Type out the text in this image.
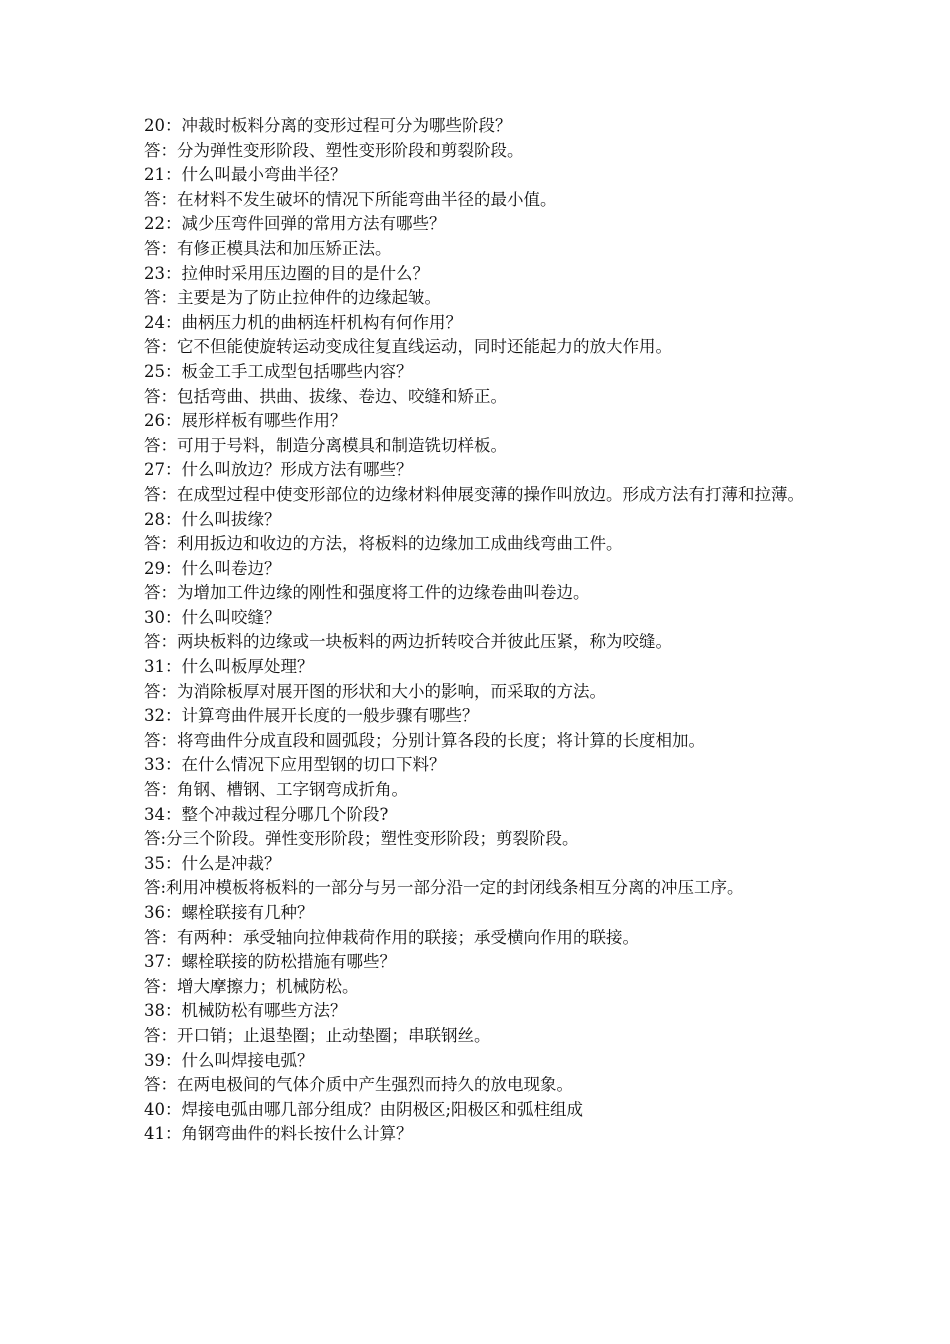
20：冲裁时板料分离的变形过程可分为哪些阶段？

答：分为弹性变形阶段、塑性变形阶段和剪裂阶段。

21：什么叫最小弯曲半径？

答：在材料不发生破坏的情况下所能弯曲半径的最小值。

22：减少压弯件回弹的常用方法有哪些？

答：有修正模具法和加压矫正法。

23：拉伸时采用压边圈的目的是什么？

答：主要是为了防止拉伸件的边缘起皱。

24：曲柄压力机的曲柄连杆机构有何作用？

答：它不但能使旋转运动变成往复直线运动，同时还能起力的放大作用。

25：板金工手工成型包括哪些内容？

答：包括弯曲、拱曲、拔缘、卷边、咬缝和矫正。

26：展形样板有哪些作用？

答：可用于号料，制造分离模具和制造铣切样板。

27：什么叫放边？形成方法有哪些？

答：在成型过程中使变形部位的边缘材料伸展变薄的操作叫放边。形成方法有打薄和拉薄。

28：什么叫拔缘？

答：利用扳边和收边的方法，将板料的边缘加工成曲线弯曲工件。

29：什么叫卷边？

答：为增加工件边缘的刚性和强度将工件的边缘卷曲叫卷边。

30：什么叫咬缝？

答：两块板料的边缘或一块板料的两边折转咬合并彼此压紧，称为咬缝。

31：什么叫板厚处理？

答：为消除板厚对展开图的形状和大小的影响，而采取的方法。

32：计算弯曲件展开长度的一般步骤有哪些？

答：将弯曲件分成直段和圆弧段；分别计算各段的长度；将计算的长度相加。

33：在什么情况下应用型钢的切口下料？

答：角钢、槽钢、工字钢弯成折角。

34：整个冲裁过程分哪几个阶段?

答:分三个阶段。弹性变形阶段；塑性变形阶段；剪裂阶段。

35：什么是冲裁？

答:利用冲模板将板料的一部分与另一部分沿一定的封闭线条相互分离的冲压工序。

36：螺栓联接有几种？

答：有两种：承受轴向拉伸栽荷作用的联接；承受横向作用的联接。

37：螺栓联接的防松措施有哪些？

答：增大摩擦力；机械防松。

38：机械防松有哪些方法？

答：开口销；止退垫圈；止动垫圈；串联钢丝。

39：什么叫焊接电弧？

答：在两电极间的气体介质中产生强烈而持久的放电现象。

40：焊接电弧由哪几部分组成？由阴极区;阳极区和弧柱组成

41：角钢弯曲件的料长按什么计算？
